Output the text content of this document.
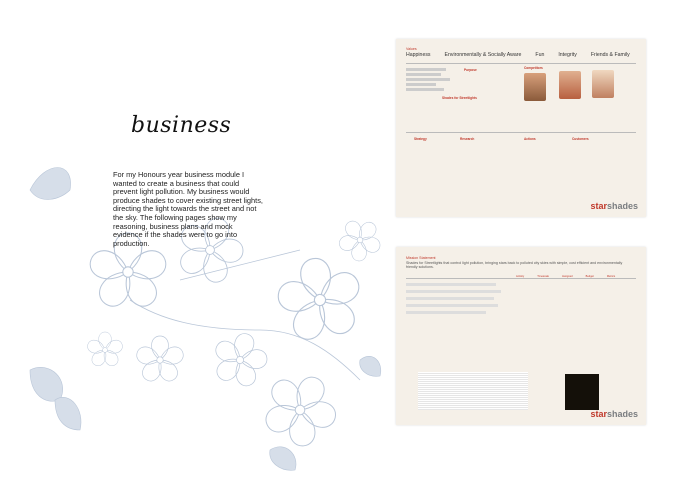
business
For my Honours year business module I wanted to create a business that could prevent light pollution. My business would produce shades to cover existing street lights, directing the light towards the street and not the sky. The following pages show my reasoning, business plans and mock evidence if the shades were to go into production.
Values
Happiness	Environmentally & Socially Aware	Fun	Integrity	Friends & Family
Purpose
Shades for Streetlights
Competitors
Strategy	Research	Actions	Customers
starshades
Mission Statement
Shades for Streetlights that control light pollution, bringing stars back to polluted city skies with simple, cost efficient and environmentally friendly solutions.
Activity	Timescale	Assigned	Budget	Metrics
starshades
